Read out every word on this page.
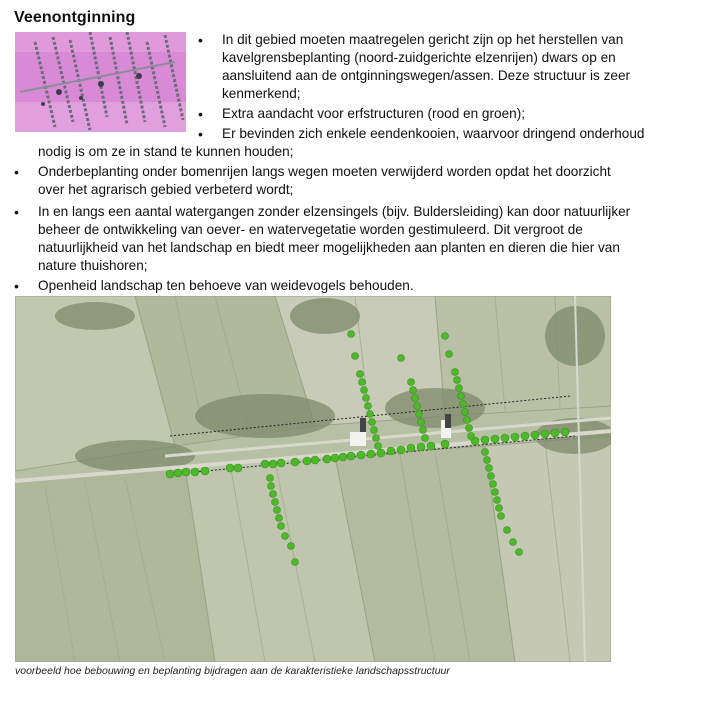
Veenontginning
• In dit gebied moeten maatregelen gericht zijn op het herstellen van
kavelgrensbeplanting (noord-zuidgerichte elzenrijen) dwars op en
aansluitend aan de ontginningswegen/assen. Deze structuur is zeer
kenmerkend;
• Extra aandacht voor erfstructuren (rood en groen);
• Er bevinden zich enkele eendenkooien, waarvoor dringend onderhoud
nodig is om ze in stand te kunnen houden;
• Onderbeplanting onder bomenrijen langs wegen moeten verwijderd worden opdat het doorzicht
over het agrarisch gebied verbeterd wordt;
• In en langs een aantal watergangen zonder elzensingels (bijv. Buldersleiding) kan door natuurlijker
beheer de ontwikkeling van oever- en watervegetatie worden gestimuleerd. Dit vergroot de
natuurlijkheid van het landschap en biedt meer mogelijkheden aan planten en dieren die hier van
nature thuishoren;
• Openheid landschap ten behoeve van weidevogels behouden.
voorbeeld hoe bebouwing en beplanting bijdragen aan de karakteristieke landschapsstructuur
